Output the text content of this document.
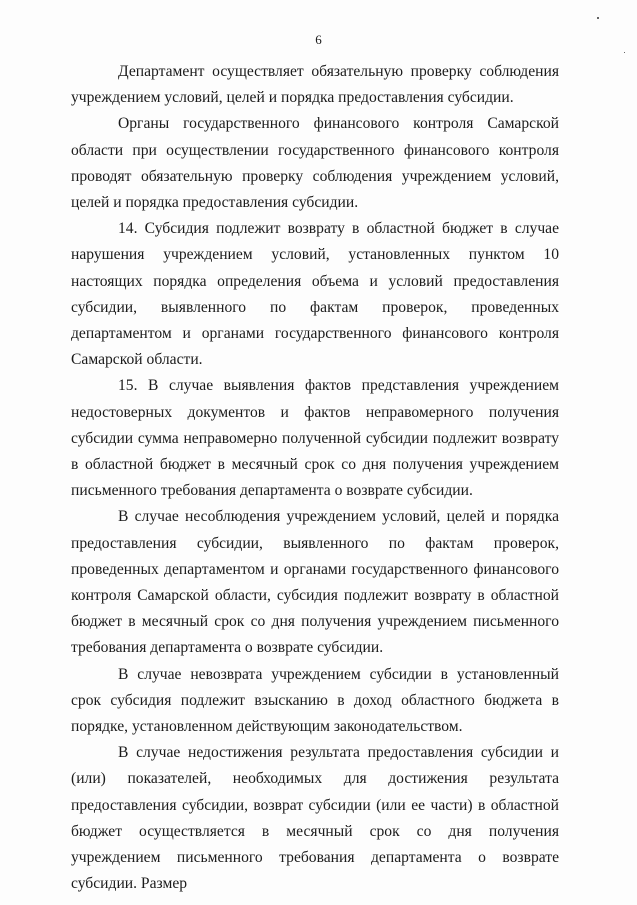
6

Департамент осуществляет обязательную проверку соблюдения учреждением условий, целей и порядка предоставления субсидии.

Органы государственного финансового контроля Самарской области при осуществлении государственного финансового контроля проводят обязательную проверку соблюдения учреждением условий, целей и порядка предоставления субсидии.

14. Субсидия подлежит возврату в областной бюджет в случае нарушения учреждением условий, установленных пунктом 10 настоящих порядка определения объема и условий предоставления субсидии, выявленного по фактам проверок, проведенных департаментом и органами государственного финансового контроля Самарской области.

15. В случае выявления фактов представления учреждением недостоверных документов и фактов неправомерного получения субсидии сумма неправомерно полученной субсидии подлежит возврату в областной бюджет в месячный срок со дня получения учреждением письменного требования департамента о возврате субсидии.

В случае несоблюдения учреждением условий, целей и порядка предоставления субсидии, выявленного по фактам проверок, проведенных департаментом и органами государственного финансового контроля Самарской области, субсидия подлежит возврату в областной бюджет в месячный срок со дня получения учреждением письменного требования департамента о возврате субсидии.

В случае невозврата учреждением субсидии в установленный срок субсидия подлежит взысканию в доход областного бюджета в порядке, установленном действующим законодательством.

В случае недостижения результата предоставления субсидии и (или) показателей, необходимых для достижения результата предоставления субсидии, возврат субсидии (или ее части) в областной бюджет осуществляется в месячный срок со дня получения учреждением письменного требования департамента о возврате субсидии. Размер
